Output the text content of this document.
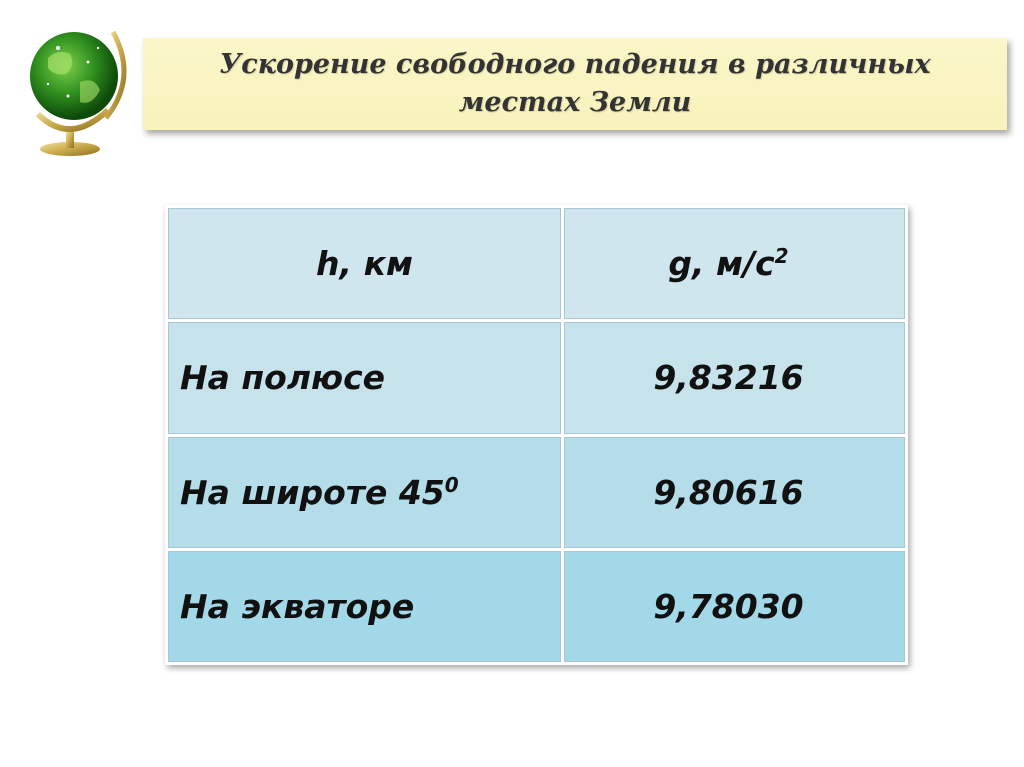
Ускорение свободного падения в различных местах Земли
h, км	g, $м/с^2$
На полюсе	9,83216
На широте $45^0$	9,80616
На экваторе	9,78030
